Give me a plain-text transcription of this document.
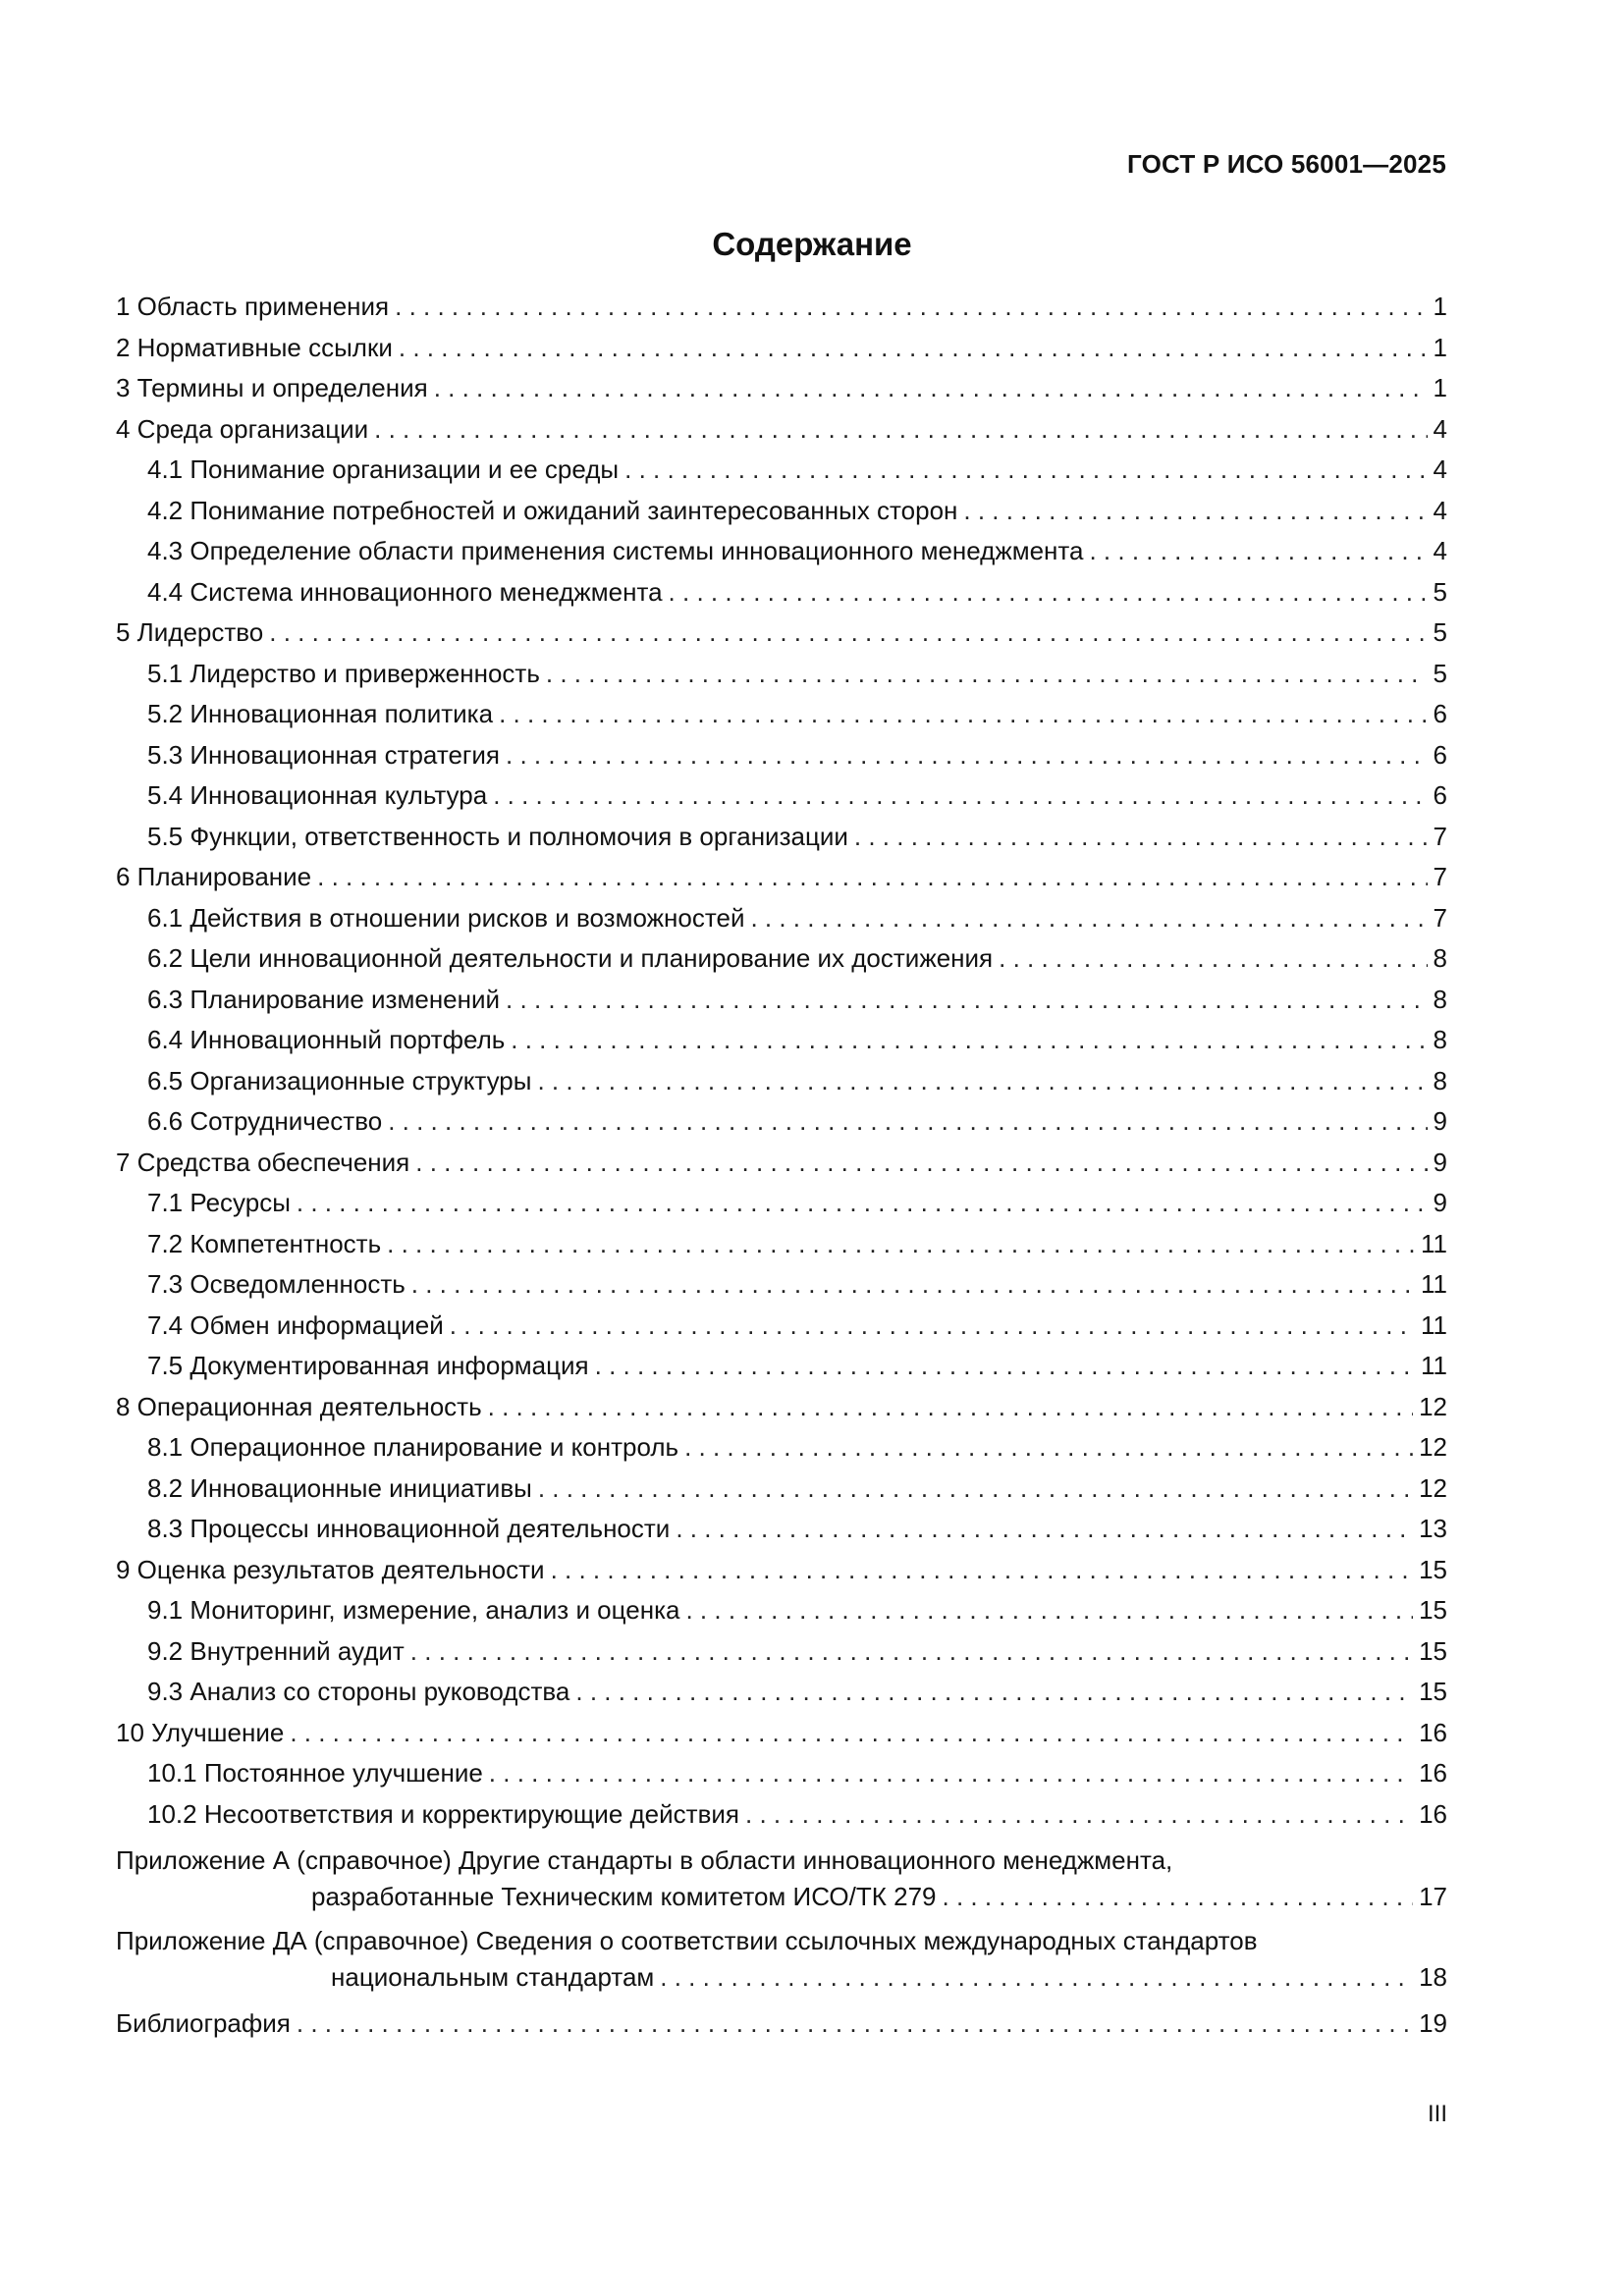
ГОСТ Р ИСО 56001—2025
Содержание
1 Область применения . . .	1
2 Нормативные ссылки . . .	1
3 Термины и определения . . .	1
4 Среда организации . . .	4
4.1 Понимание организации и ее среды . . .	4
4.2 Понимание потребностей и ожиданий заинтересованных сторон . . .	4
4.3 Определение области применения системы инновационного менеджмента . . .	4
4.4 Система инновационного менеджмента . . .	5
5 Лидерство . . .	5
5.1 Лидерство и приверженность . . .	5
5.2 Инновационная политика . . .	6
5.3 Инновационная стратегия . . .	6
5.4 Инновационная культура . . .	6
5.5 Функции, ответственность и полномочия в организации . . .	7
6 Планирование . . .	7
6.1 Действия в отношении рисков и возможностей . . .	7
6.2 Цели инновационной деятельности и планирование их достижения . . .	8
6.3 Планирование изменений . . .	8
6.4 Инновационный портфель . . .	8
6.5 Организационные структуры . . .	8
6.6 Сотрудничество . . .	9
7 Средства обеспечения . . .	9
7.1 Ресурсы . . .	9
7.2 Компетентность . . .	11
7.3 Осведомленность . . .	11
7.4 Обмен информацией . . .	11
7.5 Документированная информация . . .	11
8 Операционная деятельность . . .	12
8.1 Операционное планирование и контроль . . .	12
8.2 Инновационные инициативы . . .	12
8.3 Процессы инновационной деятельности . . .	13
9 Оценка результатов деятельности . . .	15
9.1 Мониторинг, измерение, анализ и оценка . . .	15
9.2 Внутренний аудит . . .	15
9.3 Анализ со стороны руководства . . .	15
10 Улучшение . . .	16
10.1 Постоянное улучшение . . .	16
10.2 Несоответствия и корректирующие действия . . .	16
Приложение А (справочное) Другие стандарты в области инновационного менеджмента,
разработанные Техническим комитетом ИСО/ТК 279 . . .	17
Приложение ДА (справочное) Сведения о соответствии ссылочных международных стандартов
национальным стандартам . . .	18
Библиография . . .	19
III
